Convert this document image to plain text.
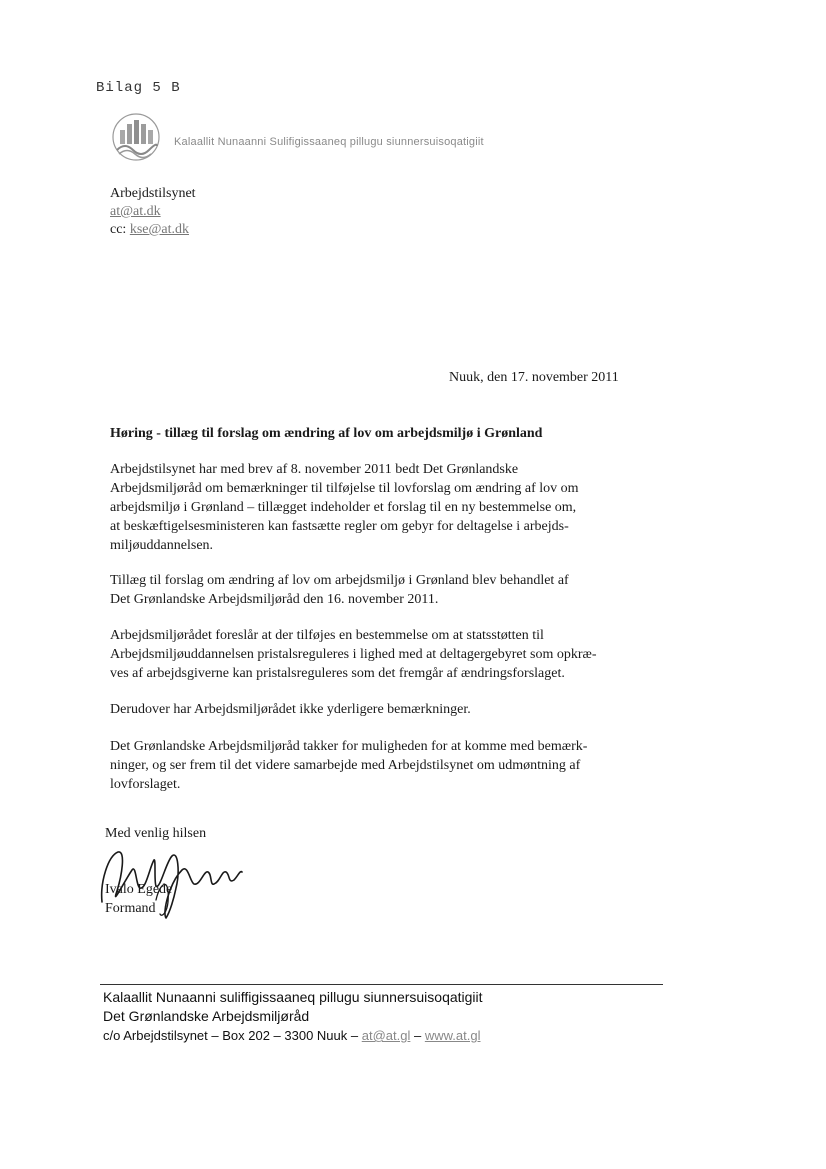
Bilag 5 B
Kalaallit Nunaanni Sulifigissaaneq pillugu siunnersuisoqatigiit
Arbejdstilsynet
at@at.dk
cc: kse@at.dk
Nuuk, den 17. november 2011
Høring - tillæg til forslag om ændring af lov om arbejdsmiljø i Grønland
Arbejdstilsynet har med brev af 8. november 2011 bedt Det Grønlandske
Arbejdsmiljøråd om bemærkninger til tilføjelse til lovforslag om ændring af lov om
arbejdsmiljø i Grønland – tillægget indeholder et forslag til en ny bestemmelse om,
at beskæftigelsesministeren kan fastsætte regler om gebyr for deltagelse i arbejds-
miljøuddannelsen.
Tillæg til forslag om ændring af lov om arbejdsmiljø i Grønland blev behandlet af
Det Grønlandske Arbejdsmiljøråd den 16. november 2011.
Arbejdsmiljørådet foreslår at der tilføjes en bestemmelse om at statsstøtten til
Arbejdsmiljøuddannelsen pristalsreguleres i lighed med at deltagergebyret som opkræ-
ves af arbejdsgiverne kan pristalsreguleres som det fremgår af ændringsforslaget.
Derudover har Arbejdsmiljørådet ikke yderligere bemærkninger.
Det Grønlandske Arbejdsmiljøråd takker for muligheden for at komme med bemærk-
ninger, og ser frem til det videre samarbejde med Arbejdstilsynet om udmøntning af
lovforslaget.
Med venlig hilsen
Ivalo Egede
Formand
Kalaallit Nunaanni suliffigissaaneq pillugu siunnersuisoqatigiit
Det Grønlandske Arbejdsmiljøråd
c/o Arbejdstilsynet – Box 202 – 3300 Nuuk – at@at.gl – www.at.gl
